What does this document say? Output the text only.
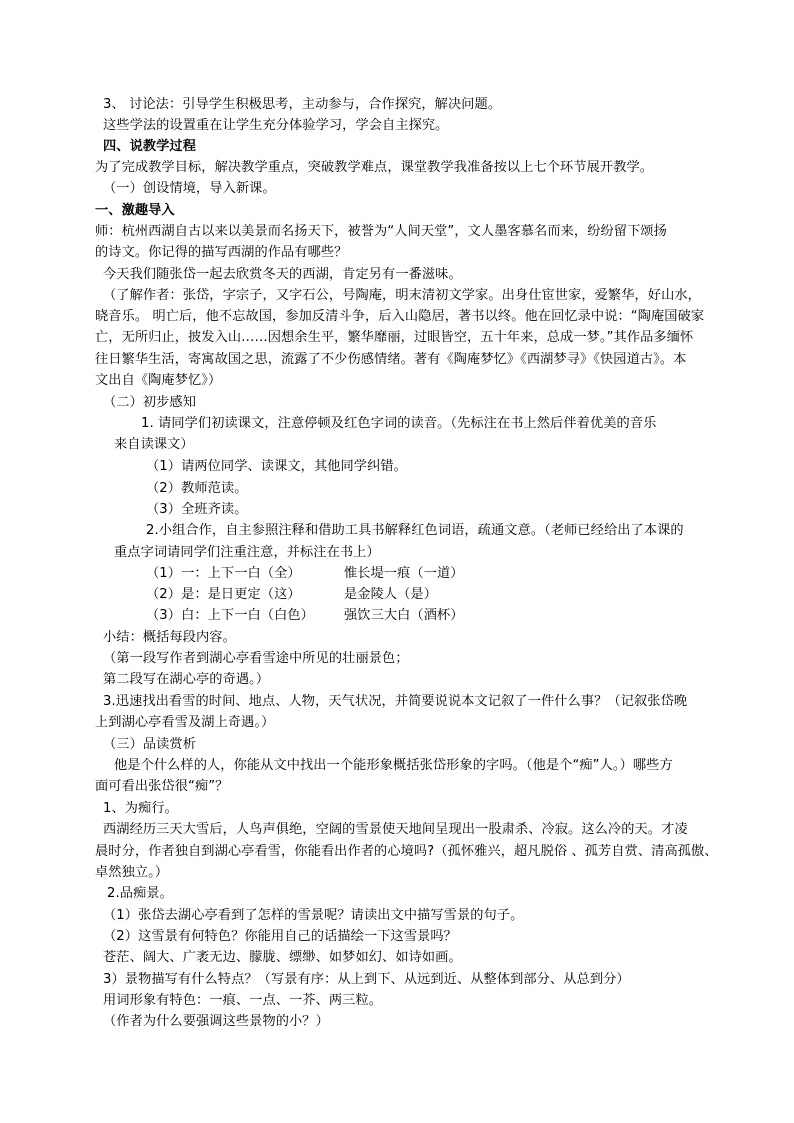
3、 讨论法：引导学生积极思考，主动参与，合作探究，解决问题。
这些学法的设置重在让学生充分体验学习，学会自主探究。
四、说教学过程
为了完成教学目标，解决教学重点，突破教学难点，课堂教学我准备按以上七个环节展开教学。
（一）创设情境，导入新课。
一、激趣导入
师：杭州西湖自古以来以美景而名扬天下，被誉为“人间天堂”，文人墨客慕名而来，纷纷留下颂扬
的诗文。你记得的描写西湖的作品有哪些？
今天我们随张岱一起去欣赏冬天的西湖，肯定另有一番滋味。
（了解作者：张岱，字宗子，又字石公，号陶庵，明末清初文学家。出身仕宦世家，爱繁华，好山水，
晓音乐。 明亡后，他不忘故国，参加反清斗争，后入山隐居，著书以终。他在回忆录中说：“陶庵国破家
亡，无所归止，披发入山……因想余生平，繁华靡丽，过眼皆空，五十年来，总成一梦。”其作品多缅怀
往日繁华生活，寄寓故国之思，流露了不少伤感情绪。著有《陶庵梦忆》《西湖梦寻》《快园道古》。本
文出自《陶庵梦忆》）
（二）初步感知
1. 请同学们初读课文，注意停顿及红色字词的读音。（先标注在书上然后伴着优美的音乐
来自读课文）
（1）请两位同学、读课文，其他同学纠错。
（2）教师范读。
（3）全班齐读。
2.小组合作，自主参照注释和借助工具书解释红色词语，疏通文意。（老师已经给出了本课的
重点字词请同学们注重注意，并标注在书上）
（1）一：上下一白（全）	惟长堤一痕（一道）
（2）是：是日更定（这）	是金陵人（是）
（3）白：上下一白（白色） 强饮三大白（酒杯）
小结：概括每段内容。
（第一段写作者到湖心亭看雪途中所见的壮丽景色；
第二段写在湖心亭的奇遇。）
3.迅速找出看雪的时间、地点、人物，天气状况，并简要说说本文记叙了一件什么事？（记叙张岱晚
上到湖心亭看雪及湖上奇遇。）
（三）品读赏析
他是个什么样的人，你能从文中找出一个能形象概括张岱形象的字吗。（他是个“痴”人。）哪些方
面可看出张岱很“痴”？
1、为痴行。
西湖经历三天大雪后，人鸟声俱绝，空阔的雪景使天地间呈现出一股肃杀、冷寂。这么冷的天。才凌
晨时分，作者独自到湖心亭看雪，你能看出作者的心境吗?（孤怀雅兴，超凡脱俗 、孤芳自赏、清高孤傲、
卓然独立。）
2.品痴景。
（1）张岱去湖心亭看到了怎样的雪景呢？请读出文中描写雪景的句子。
（2）这雪景有何特色？你能用自己的话描绘一下这雪景吗？
苍茫、阔大、广袤无边、朦胧、缥缈、如梦如幻、如诗如画。
3）景物描写有什么特点？（写景有序：从上到下、从远到近、从整体到部分、从总到分）
用词形象有特色：一痕、一点、一芥、两三粒。
（作者为什么要强调这些景物的小？）
